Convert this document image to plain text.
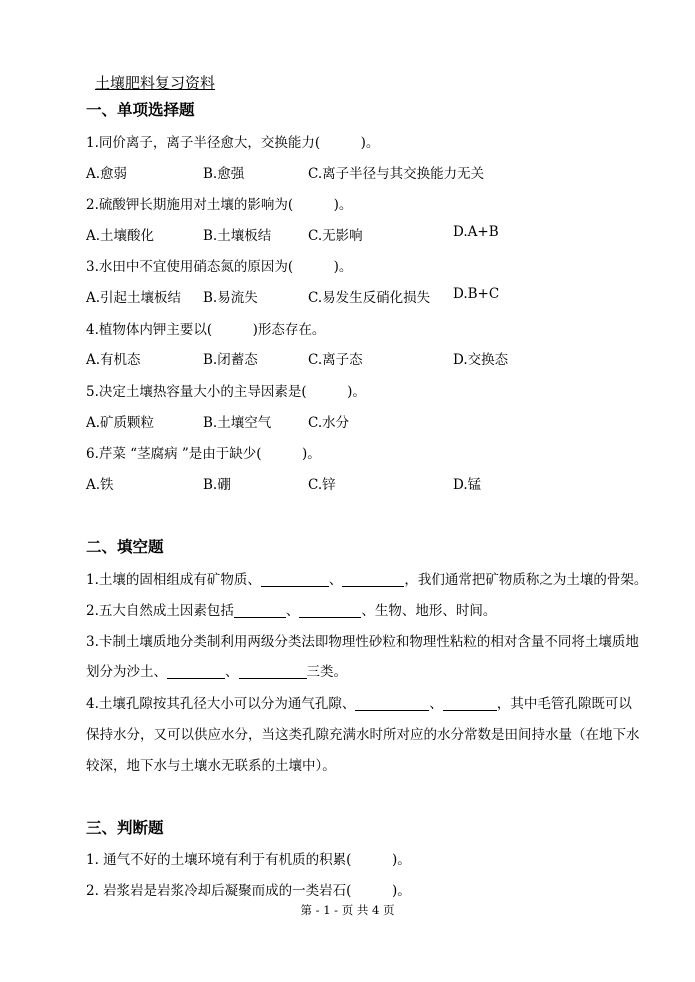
土壤肥料复习资料
一、单项选择题
1.同价离子，离子半径愈大，交换能力(　　　)。
A.愈弱	B.愈强	C.离子半径与其交换能力无关
2.硫酸钾长期施用对土壤的影响为(　　　)。
A.土壤酸化	B.土壤板结	C.无影响	D.A+B
3.水田中不宜使用硝态氮的原因为(　　　)。
A.引起土壤板结 B.易流失	C.易发生反硝化损失 D.B+C
4.植物体内钾主要以(　　　)形态存在。
A.有机态	B.闭蓄态	C.离子态	D.交换态
5.决定土壤热容量大小的主导因素是(　　　)。
A.矿质颗粒	B.土壤空气	C.水分
6.芹菜 “茎腐病 ”是由于缺少(　　　)。
A.铁	B.硼	C.锌	D.锰
二、填空题
1.土壤的固相组成有矿物质、	、	，我们通常把矿物质称之为土壤的骨架。
2.五大自然成土因素包括	、	、生物、地形、时间。
3.卡制土壤质地分类制利用两级分类法即物理性砂粒和物理性粘粒的相对含量不同将土壤质地
划分为沙土、	、	三类。
4.土壤孔隙按其孔径大小可以分为通气孔隙、	、	，其中毛管孔隙既可以
保持水分，又可以供应水分，当这类孔隙充满水时所对应的水分常数是田间持水量（在地下水
较深，地下水与土壤水无联系的土壤中）。
三、判断题
1. 通气不好的土壤环境有利于有机质的积累(　　　)。
2. 岩浆岩是岩浆冷却后凝聚而成的一类岩石(　　　)。
第 - 1 - 页 共 4 页
